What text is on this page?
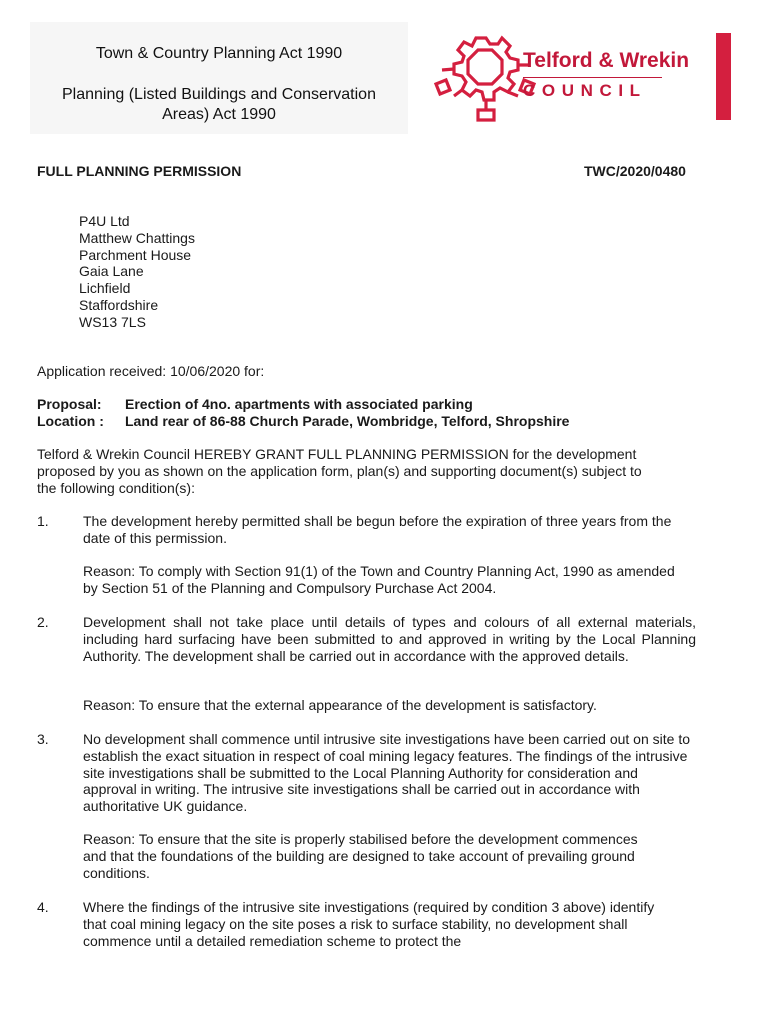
Town & Country Planning Act 1990
Planning (Listed Buildings and Conservation Areas) Act 1990
Telford & Wrekin
COUNCIL
FULL PLANNING PERMISSION	TWC/2020/0480
P4U Ltd
Matthew Chattings
Parchment House
Gaia Lane
Lichfield
Staffordshire
WS13 7LS
Application received: 10/06/2020 for:
Proposal: Erection of 4no. apartments with associated parking
Location : Land rear of 86-88 Church Parade, Wombridge, Telford, Shropshire
Telford & Wrekin Council HEREBY GRANT FULL PLANNING PERMISSION for the development proposed by you as shown on the application form, plan(s) and supporting document(s) subject to the following condition(s):
1. The development hereby permitted shall be begun before the expiration of three years from the date of this permission.
Reason: To comply with Section 91(1) of the Town and Country Planning Act, 1990 as amended by Section 51 of the Planning and Compulsory Purchase Act 2004.
2. Development shall not take place until details of types and colours of all external materials, including hard surfacing have been submitted to and approved in writing by the Local Planning Authority. The development shall be carried out in accordance with the approved details.
Reason: To ensure that the external appearance of the development is satisfactory.
3. No development shall commence until intrusive site investigations have been carried out on site to establish the exact situation in respect of coal mining legacy features. The findings of the intrusive site investigations shall be submitted to the Local Planning Authority for consideration and approval in writing. The intrusive site investigations shall be carried out in accordance with authoritative UK guidance.
Reason: To ensure that the site is properly stabilised before the development commences and that the foundations of the building are designed to take account of prevailing ground conditions.
4. Where the findings of the intrusive site investigations (required by condition 3 above) identify that coal mining legacy on the site poses a risk to surface stability, no development shall commence until a detailed remediation scheme to protect the
